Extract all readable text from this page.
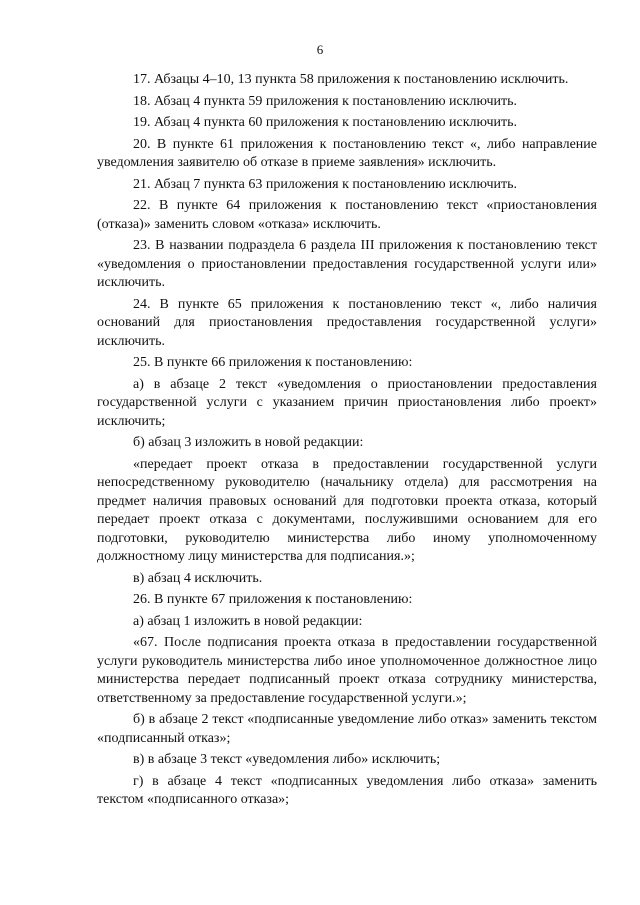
6

17. Абзацы 4–10, 13 пункта 58 приложения к постановлению исключить.

18. Абзац 4 пункта 59 приложения к постановлению исключить.

19. Абзац 4 пункта 60 приложения к постановлению исключить.

20. В пункте 61 приложения к постановлению текст «, либо направление уведомления заявителю об отказе в приеме заявления» исключить.

21. Абзац 7 пункта 63 приложения к постановлению исключить.

22. В пункте 64 приложения к постановлению текст «приостановления (отказа)» заменить словом «отказа» исключить.

23. В названии подраздела 6 раздела III приложения к постановлению текст «уведомления о приостановлении предоставления государственной услуги или» исключить.

24. В пункте 65 приложения к постановлению текст «, либо наличия оснований для приостановления предоставления государственной услуги» исключить.

25. В пункте 66 приложения к постановлению:

а) в абзаце 2 текст «уведомления о приостановлении предоставления государственной услуги с указанием причин приостановления либо проект» исключить;

б) абзац 3 изложить в новой редакции:

«передает проект отказа в предоставлении государственной услуги непосредственному руководителю (начальнику отдела) для рассмотрения на предмет наличия правовых оснований для подготовки проекта отказа, который передает проект отказа с документами, послужившими основанием для его подготовки, руководителю министерства либо иному уполномоченному должностному лицу министерства для подписания.»;

в) абзац 4 исключить.

26. В пункте 67 приложения к постановлению:

а) абзац 1 изложить в новой редакции:

«67. После подписания проекта отказа в предоставлении государственной услуги руководитель министерства либо иное уполномоченное должностное лицо министерства передает подписанный проект отказа сотруднику министерства, ответственному за предоставление государственной услуги.»;

б) в абзаце 2 текст «подписанные уведомление либо отказ» заменить текстом «подписанный отказ»;

в) в абзаце 3 текст «уведомления либо» исключить;

г) в абзаце 4 текст «подписанных уведомления либо отказа» заменить текстом «подписанного отказа»;
